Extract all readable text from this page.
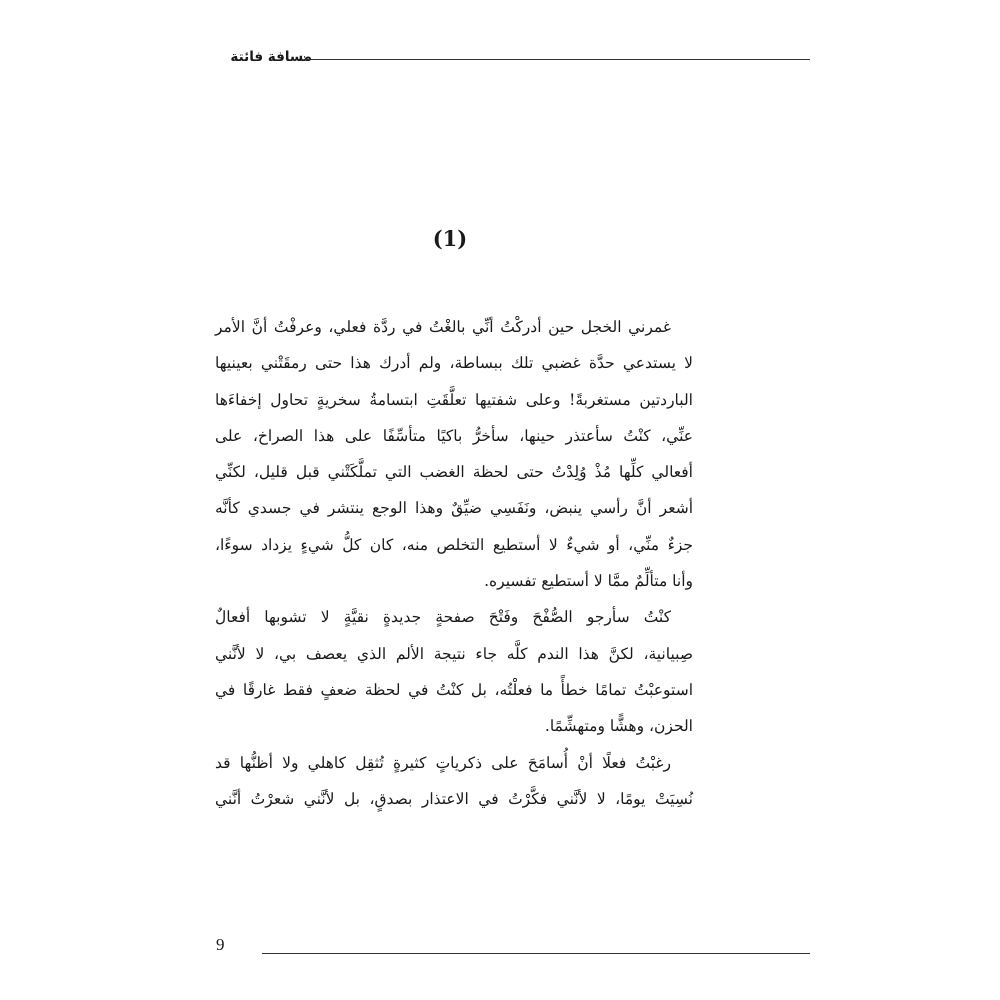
مسافة فائتة
(1)
غمرني الخجل حين أدركْتُ أنِّي بالغْتُ في ردَّة فعلي، وعرفْتُ أنَّ الأمر
لا يستدعي حدَّة غضبي تلك ببساطة، ولم أدرك هذا حتى رمقَتْني بعينيها
الباردتين مستغربةً! وعلى شفتيها تعلَّقَتِ ابتسامةُ سخريةٍ تحاول إخفاءَها
عنِّي، كنْتُ سأعتذر حينها، سأخرُّ باكيًا متأسِّفًا على هذا الصراخ، على
أفعالي كلِّها مُذْ وُلِدْتُ حتى لحظة الغضب التي تملَّكَتْني قبل قليل، لكنِّي
أشعر أنَّ رأسي ينبض، ونَفَسِي ضيِّقٌ وهذا الوجع ينتشر في جسدي كأنَّه
جزءٌ منِّي، أو شيءٌ لا أستطيع التخلص منه، كان كلُّ شيءٍ يزداد سوءًا،
وأنا متألِّمٌ ممَّا لا أستطيع تفسيره.
كنْتُ سأرجو الصُّفْحَ وفَتْحَ صفحةٍ جديدةٍ نقيَّةٍ لا تشوبها أفعالٌ
صِبيانية، لكنَّ هذا الندم كلَّه جاء نتيجة الألم الذي يعصف بي، لا لأنَّني
استوعبْتُ تمامًا خطأً ما فعلْتُه، بل كنْتُ في لحظة ضعفٍ فقط غارقًا في
الحزن، وهشًّا ومتهشِّمًا.
رغبْتُ فعلًا أنْ أُسامَحَ على ذكرياتٍ كثيرةٍ تُثقِل كاهلي ولا أظنُّها قد
نُسِيَتْ يومًا، لا لأنَّني فكَّرْتُ في الاعتذار بصدقٍ، بل لأنَّني شعرْتُ أنَّني
9
